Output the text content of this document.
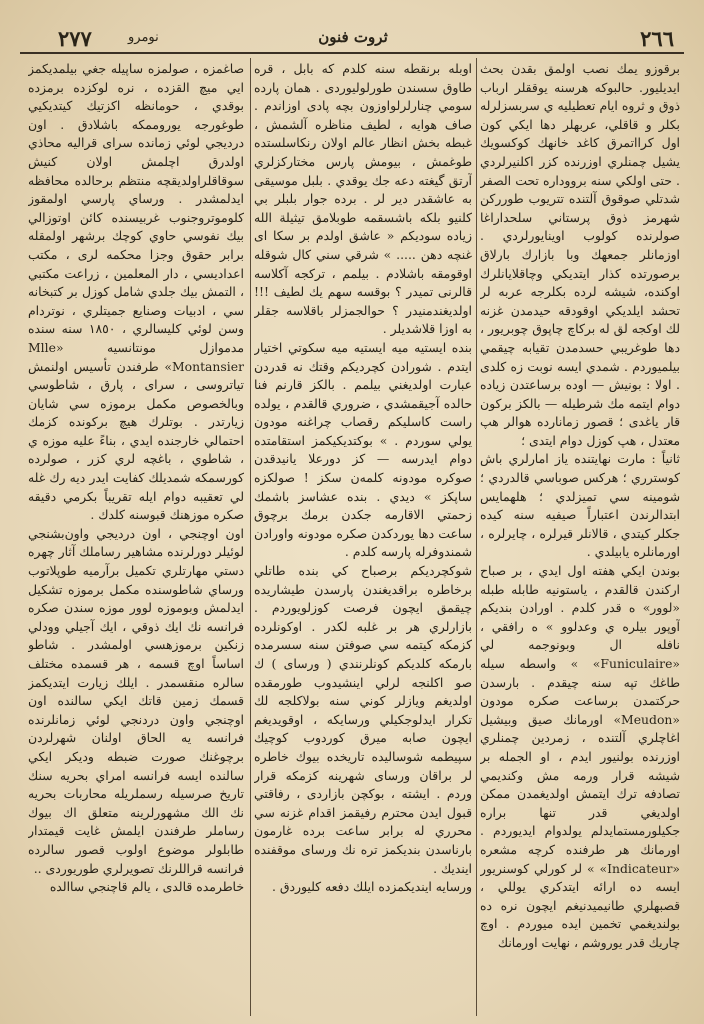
٢٦٦
ثروت فنون
نومرو
٢٧٧

برقوزو يمك نصب اولمق بقدن بحث ايديليور. حالبوكه هرسنه يوققلر ارباب ذوق و ثروه ايام تعطيليه ي سربسزلرله بكلر و قاقلي، عربهلر دها ايكي كون اول كرااتمرق كاغد خانهك كوكسويك يشيل چمنلري اوزرنده كزر اكلنيرلردي . حتى اولكي سنه برووداره تحت الصفر شدتلي صوقوق آلتنده تتريوب طورركن شهرمز ذوق پرستاني سلحداراغا صولرنده كولوب اوينايورلردي . اوزمانلر جمعهك وبا بازارك بارلاق برصورتده كذار ايتديكي وچاقلايانلرك اوكنده، شيشه لرده بكلرجه عربه لر تحشد ايلديكي اوقودقه حيدمدن غزنه لك اوكجه لق له بركاچ چاپوق چوبريور ، دها طوغريبي حسدمدن تقيابه چيقمي بيلميوردم . شمدي ايسه نوبت زه كلدى . اولا : بونيش — اوده برساعتدن زياده دوام ايتمه مك شرطيله — بالكز بركون قار ياغدى ؛ قصور زمانارده هوالر هپ معتدل ، هپ كوزل دوام ايتدى ؛

ثانياً : مارت نهايتنده ياز امارلري باش كوسترري ؛ هركس صوباسي قالدردي ؛ شومينه سي تميزلدي ؛ هلهمايس ابتدالرندن اعتباراً صيفيه سنه كيده جكلر كيتدي ، قالانلر قيرلره ، چايرلره ، اورمانلره يابيلدي .

بوندن ايكي هفته اول ايدي ، بر صباح اركندن قالقدم ، ياستونيه طابله طبله «لوور» ه قدر كلدم . اورادن بنديكم آوپور بيلره ي وعدلوو » ه رافقي ، نافله ال وبونوجمه لي «Funiculaire» » واسطه سيله طاغك تپه سنه چيقدم . بارسدن حركتمدن برساعت صكره مودون «Meudon» اورمانك صيق وبيشيل اغاچلري آلتنده ، زمردين چمنلري اوزرنده بولنيور ايدم ، او الجمله بر شيشه قرار ورمه مش وكنديمي تصادفه ترك ايتمش اولديغمدن ممكن اولديغي قدر تنها براره جكيلورمستمايدلم يولدوام ايديوردم . اورمانك هر طرفنده كرچه مشعره «Indicateur» » لر كورلي كوسنريور ايسه ده ارائه ايتدكري يوللي ، قصبهلري طانيميدنيغم ايچون نره ده بولنديغمي تخمين ايده ميوردم . اوچ چاريك قدر يوروشم ، نهايت اورمانك

اوبله برنقطه سنه كلدم كه بابل ، قره طاوق سسندن طورلوليوردى . همان پارده سومي چنارلرلواوزون بچه پادى اوزاندم . صاف هوايه ، لطيف مناظره آلشمش ، غبطه بخش انظار عالم اولان رنكاسلستده طوغمش ، بيومش پارس مختاركزلري آرتق گيغته دعه جك يوقدي . بلبل موسيقى به عاشقدر دير لر . برده جوار بلبلر بي كلنيو بلكه باشسقمه طوبلامق تيثيلة الله زياده سوديكم « عاشق اولدم بر سكا اى غنچه دهن ..... » شرقي سني كال شوقله اوقومقه باشلادم . بيلمم ، تركجه آكلاسه قالرنى تميدر ؟ بوقسه سهم يك لطيف !!! اولديغندمنيدر ؟ حوالجمزلر باقلاسه جقلر به اوزا قلاشديلر .

بنده ايستيه ميه ايستيه ميه سكوتي اختيار ايتدم . شورادن كچرديكم وقتك نه قدردن عبارت اولديغني بيلمم . بالكز قارنم فنا حالده آجيقمشدي ، ضروري قالقدم ، يولده راست كاسليكم رقصاب چراغنه مودون يولي سوردم . » بوكتديكيكمز استقامتده دوام ايدرسه‌ — كز دورعلا يانيدقدن صوكره مودونه كلمه‌ن سكز ! صولكزه ساپكز » ديدي . بنده عشاسز باشمك زحمتي الاقارمه جكدن برمك برچوق ساعت دها يوردكدن صكره مودونه واورادن شمندوفرله پارسه كلدم .

شوكچرديكم برصباح كي بنده طاتلي برخاطره براقديغندن پارسدن طيشاريده چيقمق ايچون فرصت كوزلويوردم . بازارلري هر بر غلبه لكدر . اوكونلرده كزمكه كيتمه سي صوفتن سنه سسرمده بارمكه كلديكم كونلرنندي ( ورساى ) ك صو اكلنجه لرلي اينشيدوب طورمقده اولديغم ويازلر كوني سنه بولاكلجه لك تكرار ايدلوجكيلي ورسايكه ، اوقويديغم ايچون صابه ميرق كوردوب كوچيك سپيطمه شوساليده تاريخده بيوك خاطره لر براقان ورساى شهرينه كزمكه قرار وردم . ايشته ، بوكچن بازاردى ، رفاقتي قبول ايدن محترم رفيقمز اقدام غزنه سي محرري له برابر ساعت برده غارمون بارناسدن بنديكمز تره نك ورساى موقفنده اينديك .

ورسايه اينديكمزده ايلك دفعه كليوردق .

صاغمزه ، صولمزه ساپيله جغي بيلمديكمز ایي ميچ القزده ، نره لوكزده برمزده بوقدي ، حومانظه اكزتيك كيتديكيي طوغورجه يوروممكه باشلادق . اون درديجي لوئي زمانده سراى قراليه محاذي اولدرق اچلمش اولان كنيش سوقاقلراولديقچه منتظم برحالده محافظه ايدلمشدر . ورساي پارسي اولمقوز كلوموتروجنوب غربيسنده كائن اوتوزالي بيك نفوسي حاوي كوچك برشهر اولمقله برابر حقوق وجزا محكمه لرى ، مكتب اعداديسي ، دار المعلمين ، زراعت مكتبي ، التمش بيك جلدي شامل كوزل بر كتبخانه سي ، ادبيات وصنايع جميتلري ، نوتردام وسن لوئي كليسالري ، ١٨٥٠ سنه‌ سنده مدموازل مونتانسيه «Mlle Montansier» طرفندن تأسيس اولنمش تياتروسى ، سراى ، پارق ، شاطوسي وبالخصوص مكمل برموزه سي شايان زيارتدر . بوتلرك هيچ بركونده كزمك احتمالي خارجنده ايدي ، بناءً عليه موزه ي ، شاطوي ، باغچه لري كزر ، صولرده كورسمكه شمديلك كفايت ايدر ديه رك غله لي تعقيبه دوام ايله تقريباً بكرمي دقيقه صكره موزهنك قبوسنه كلدك .

اون اوچنجي ، اون درديجي واون‌بشنجي لوئيلر دورلرنده مشاهير رساملك آثار چهره دستي مهارتلري تكميل برآرميه طوپلاتوب ورساي شاطوسنده مكمل برموزه تشكيل ايدلمش وبوموزه لوور موزه سندن صكره فرانسه نك ايك ذوقي ، ايك آجيلي وودلي زنكين برموزهسي اولمشدر . شاطو اساساً اوچ قسمه ، هر قسمده مختلف سالره منقسمدر . ايلك زيارت ايتديكمز قسمك زمين قاتك ايكي سالنده اون اوچنجي واون دردنجي لوئي زمانلرنده فرانسه يه الحاق اولنان شهرلردن برچوغنك صورت ضبطه وديكر ايكي سالنده ايسه فرانسه امراي بحريه سنك تاريخ صرسيله رسملريله محاربات بحريه نك الك مشهورلرينه متعلق اك بيوك رساملر طرفندن ايلمش غايت قيمتدار طابلولر موضوع اولوب قصور سالرده فرانسه قراللرنك تصويرلري طوريوردى ..

خاطرمده قالدى ، يالم قاچنجي ساالده
